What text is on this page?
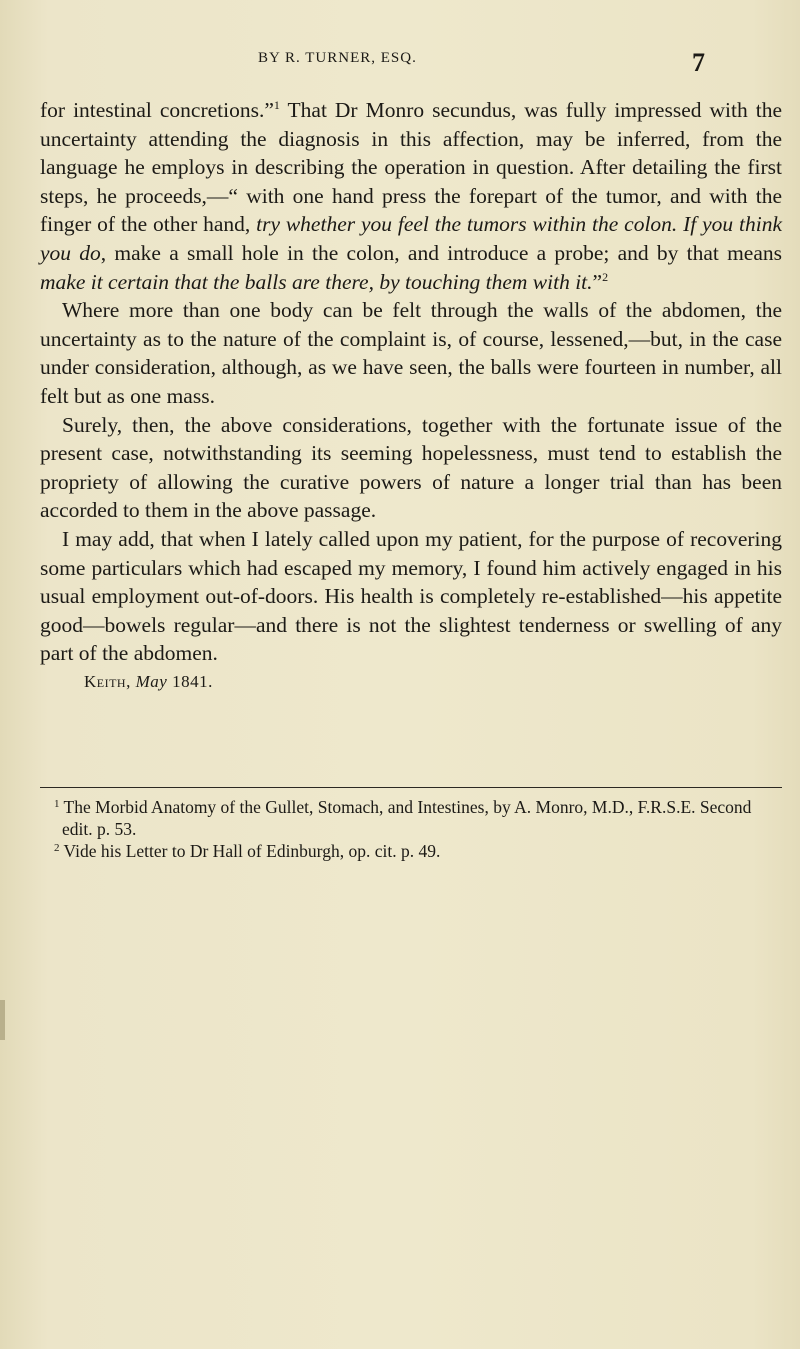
BY R. TURNER, ESQ.	7

for intestinal concretions.”$^1$ That Dr Monro secundus, was fully impressed with the uncertainty attending the diagnosis in this affection, may be inferred, from the language he employs in describing the operation in question. After detailing the first steps, he proceeds,—“ with one hand press the forepart of the tumor, and with the finger of the other hand, try whether you feel the tumors within the colon. If you think you do, make a small hole in the colon, and introduce a probe; and by that means make it certain that the balls are there, by touching them with it.”$^2$

Where more than one body can be felt through the walls of the abdomen, the uncertainty as to the nature of the complaint is, of course, lessened,—but, in the case under consideration, although, as we have seen, the balls were fourteen in number, all felt but as one mass.

Surely, then, the above considerations, together with the fortunate issue of the present case, notwithstanding its seeming hopelessness, must tend to establish the propriety of allowing the curative powers of nature a longer trial than has been accorded to them in the above passage.

I may add, that when I lately called upon my patient, for the purpose of recovering some particulars which had escaped my memory, I found him actively engaged in his usual employment out-of-doors. His health is completely re-established—his appetite good—bowels regular—and there is not the slightest tenderness or swelling of any part of the abdomen.

Keith, May 1841.

$^1$ The Morbid Anatomy of the Gullet, Stomach, and Intestines, by A. Monro, M.D., F.R.S.E. Second edit. p. 53.

$^2$ Vide his Letter to Dr Hall of Edinburgh, op. cit. p. 49.
